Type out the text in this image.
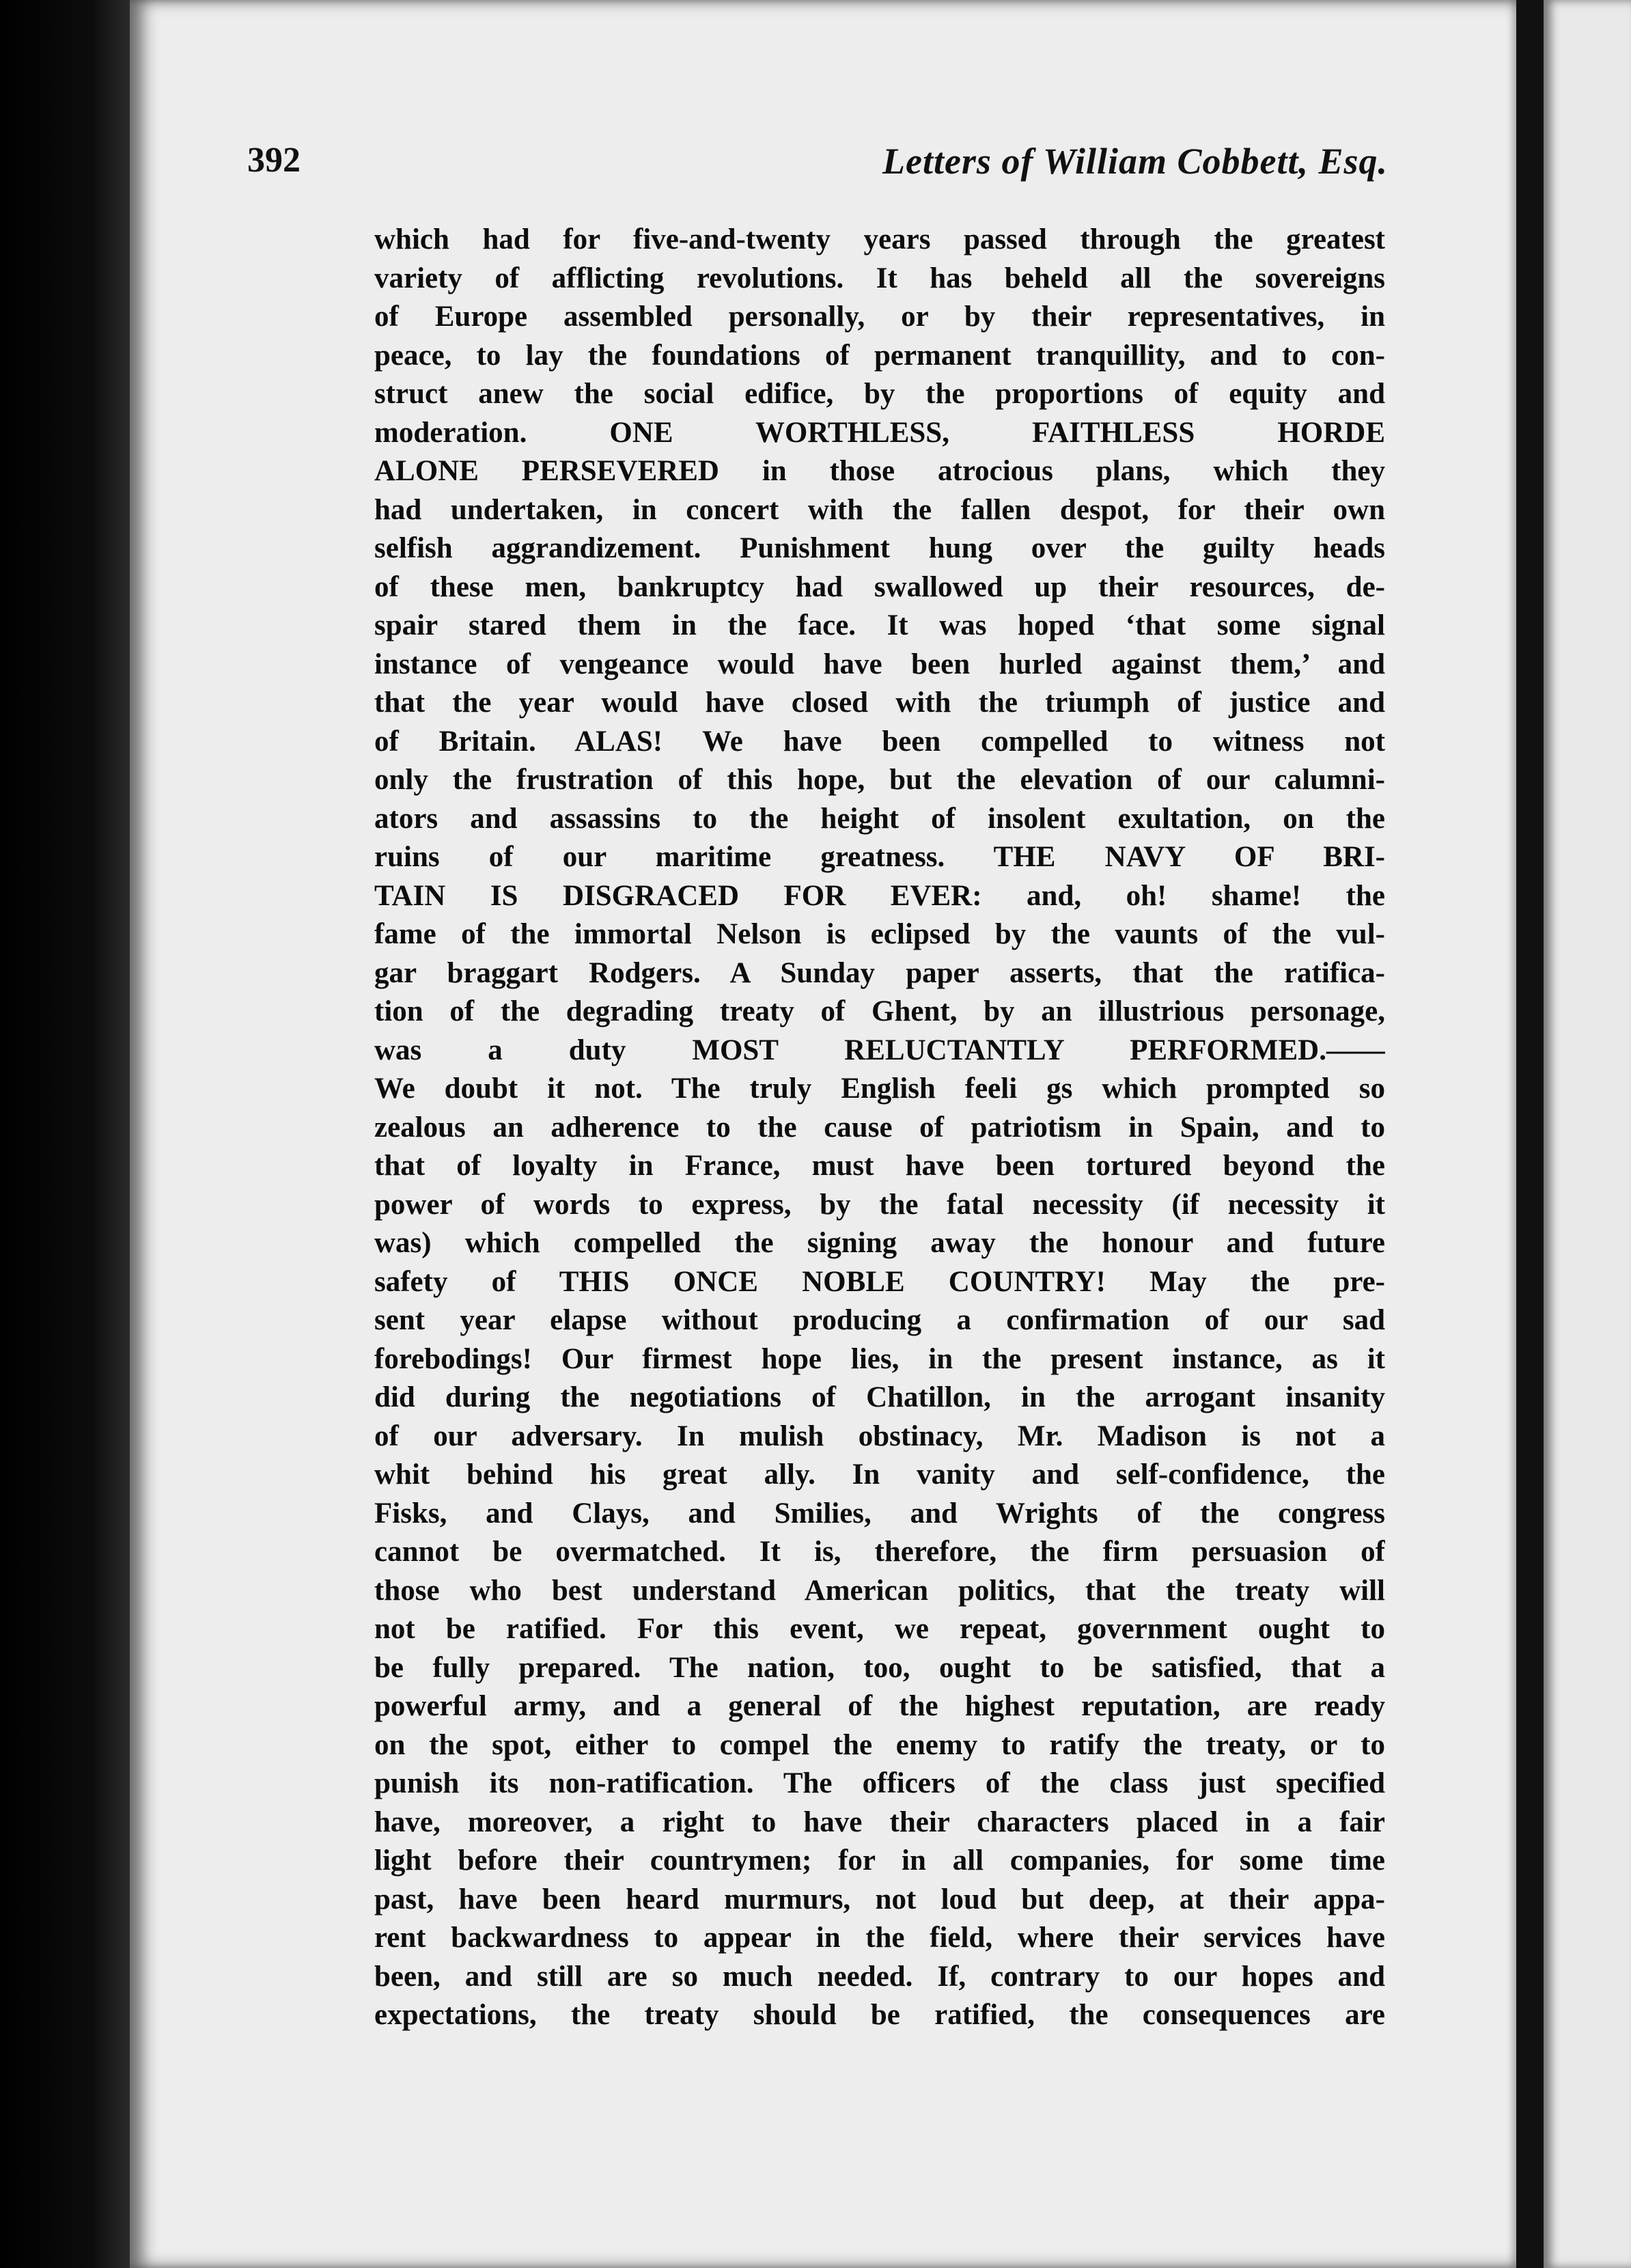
392	Letters of William Cobbett, Esq.
which had for five-and-twenty years passed through the greatest
variety of afflicting revolutions. It has beheld all the sovereigns
of Europe assembled personally, or by their representatives, in
peace, to lay the foundations of permanent tranquillity, and to con-
struct anew the social edifice, by the proportions of equity and
moderation. ONE WORTHLESS, FAITHLESS HORDE
ALONE PERSEVERED in those atrocious plans, which they
had undertaken, in concert with the fallen despot, for their own
selfish aggrandizement. Punishment hung over the guilty heads
of these men, bankruptcy had swallowed up their resources, de-
spair stared them in the face. It was hoped ‘that some signal
instance of vengeance would have been hurled against them,’ and
that the year would have closed with the triumph of justice and
of Britain. ALAS! We have been compelled to witness not
only the frustration of this hope, but the elevation of our calumni-
ators and assassins to the height of insolent exultation, on the
ruins of our maritime greatness. THE NAVY OF BRI-
TAIN IS DISGRACED FOR EVER: and, oh! shame! the
fame of the immortal Nelson is eclipsed by the vaunts of the vul-
gar braggart Rodgers. A Sunday paper asserts, that the ratifica-
tion of the degrading treaty of Ghent, by an illustrious personage,
was a duty MOST RELUCTANTLY PERFORMED.——
We doubt it not. The truly English feeli gs which prompted so
zealous an adherence to the cause of patriotism in Spain, and to
that of loyalty in France, must have been tortured beyond the
power of words to express, by the fatal necessity (if necessity it
was) which compelled the signing away the honour and future
safety of THIS ONCE NOBLE COUNTRY! May the pre-
sent year elapse without producing a confirmation of our sad
forebodings! Our firmest hope lies, in the present instance, as it
did during the negotiations of Chatillon, in the arrogant insanity
of our adversary. In mulish obstinacy, Mr. Madison is not a
whit behind his great ally. In vanity and self-confidence, the
Fisks, and Clays, and Smilies, and Wrights of the congress
cannot be overmatched. It is, therefore, the firm persuasion of
those who best understand American politics, that the treaty will
not be ratified. For this event, we repeat, government ought to
be fully prepared. The nation, too, ought to be satisfied, that a
powerful army, and a general of the highest reputation, are ready
on the spot, either to compel the enemy to ratify the treaty, or to
punish its non-ratification. The officers of the class just specified
have, moreover, a right to have their characters placed in a fair
light before their countrymen; for in all companies, for some time
past, have been heard murmurs, not loud but deep, at their appa-
rent backwardness to appear in the field, where their services have
been, and still are so much needed. If, contrary to our hopes and
expectations, the treaty should be ratified, the consequences are
